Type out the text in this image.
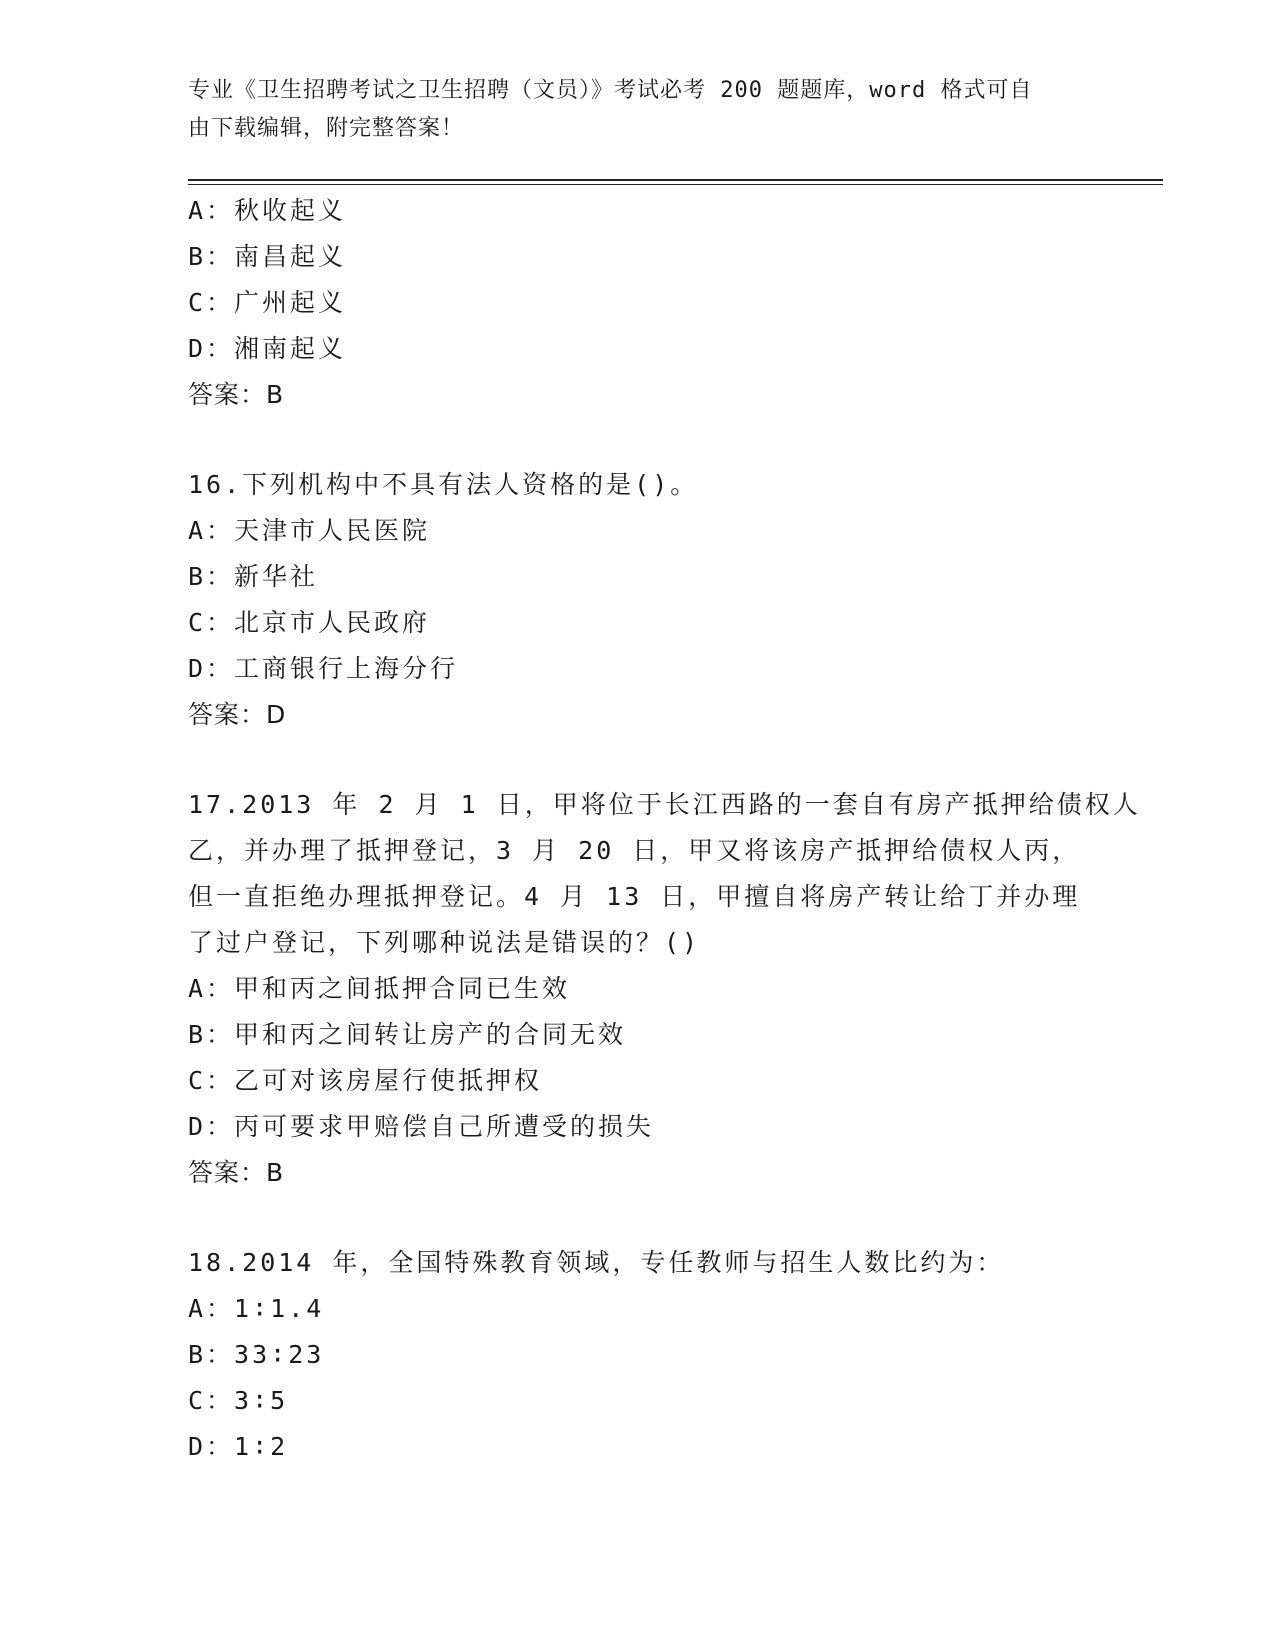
专业《卫生招聘考试之卫生招聘（文员）》考试必考 200 题题库，word 格式可自
由下载编辑，附完整答案！
A：秋收起义
B：南昌起义
C：广州起义
D：湘南起义
答案：B
16.下列机构中不具有法人资格的是()。
A：天津市人民医院
B：新华社
C：北京市人民政府
D：工商银行上海分行
答案：D
17.2013 年 2 月 1 日，甲将位于长江西路的一套自有房产抵押给债权人
乙，并办理了抵押登记，3 月 20 日，甲又将该房产抵押给债权人丙，
但一直拒绝办理抵押登记。4 月 13 日，甲擅自将房产转让给丁并办理
了过户登记，下列哪种说法是错误的？()
A：甲和丙之间抵押合同已生效
B：甲和丙之间转让房产的合同无效
C：乙可对该房屋行使抵押权
D：丙可要求甲赔偿自己所遭受的损失
答案：B
18.2014 年，全国特殊教育领域，专任教师与招生人数比约为：
A：1∶1.4
B：33∶23
C：3∶5
D：1∶2
